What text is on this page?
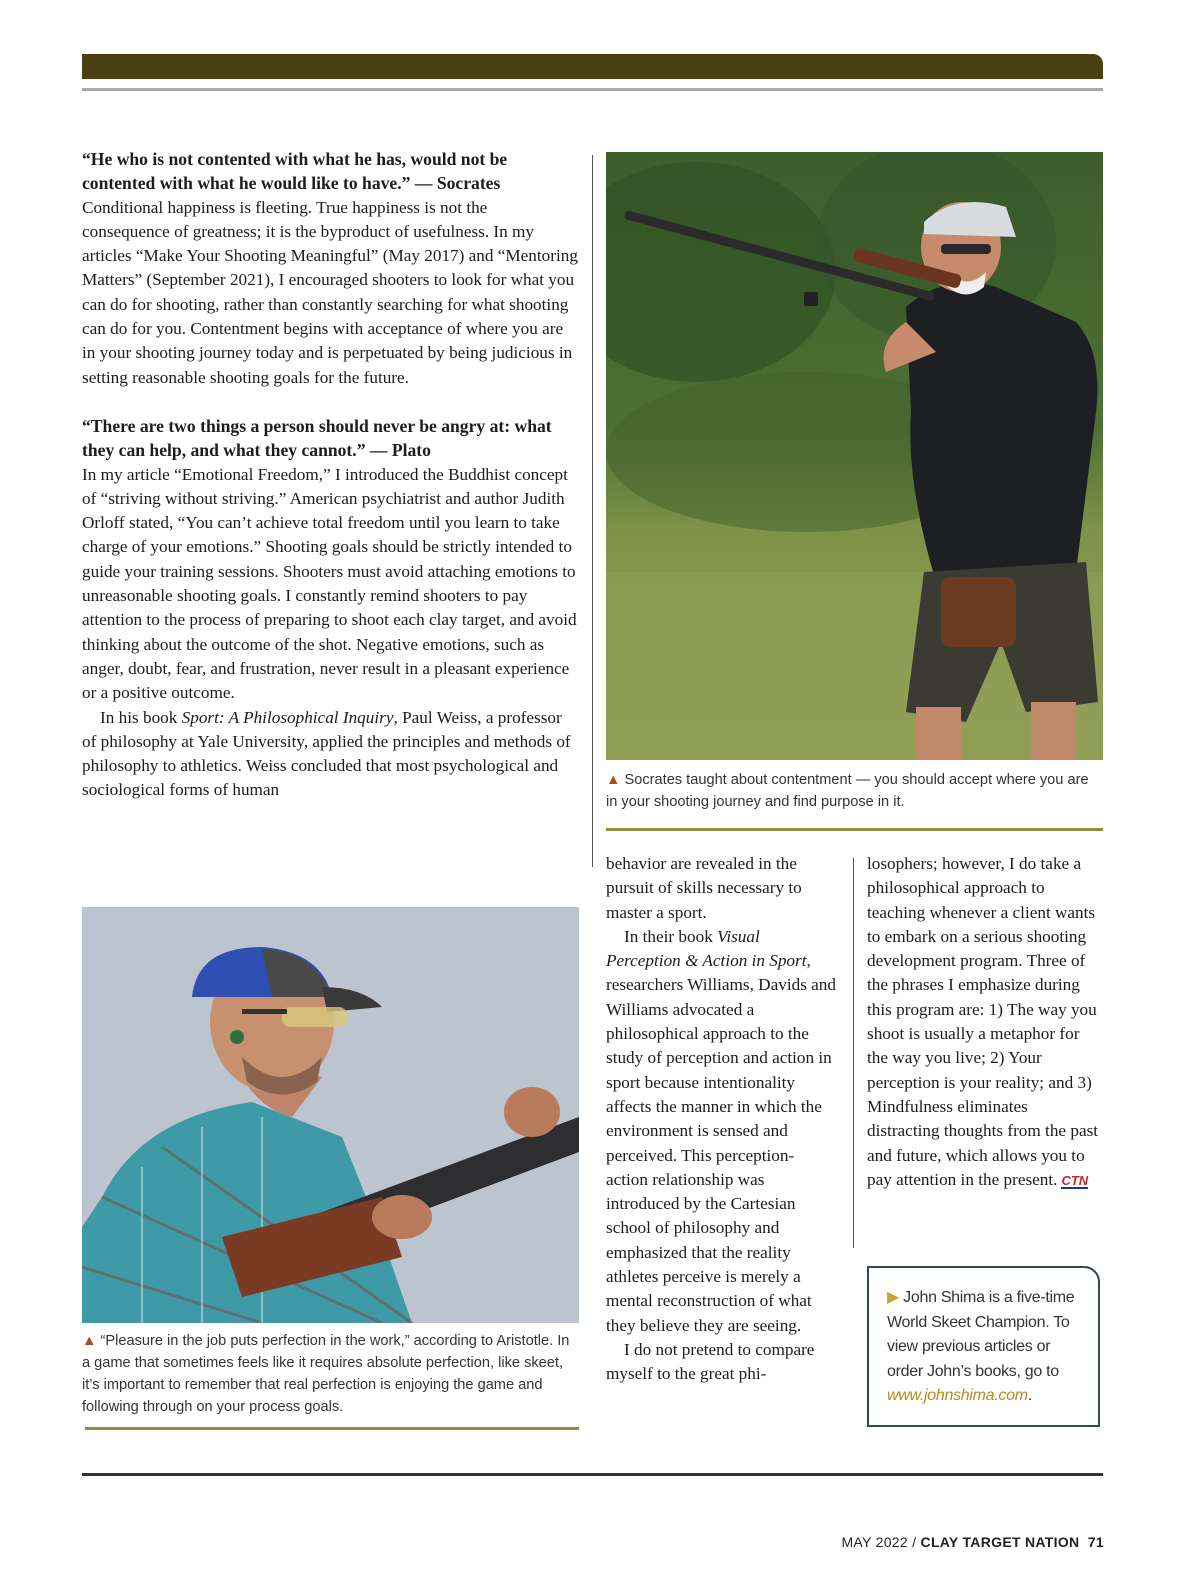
“He who is not contented with what he has, would not be contented with what he would like to have.” — Socrates

Conditional happiness is fleeting. True happiness is not the consequence of greatness; it is the byproduct of usefulness. In my articles “Make Your Shooting Meaningful” (May 2017) and “Mentoring Matters” (September 2021), I encouraged shooters to look for what you can do for shooting, rather than constantly searching for what shooting can do for you. Contentment begins with acceptance of where you are in your shooting journey today and is perpetuated by being judicious in setting reasonable shooting goals for the future.

“There are two things a person should never be angry at: what they can help, and what they cannot.” — Plato

In my article “Emotional Freedom,” I introduced the Buddhist concept of “striving without striving.” American psychiatrist and author Judith Orloff stated, “You can’t achieve total freedom until you learn to take charge of your emotions.” Shooting goals should be strictly intended to guide your training sessions. Shooters must avoid attaching emotions to unreasonable shooting goals. I constantly remind shooters to pay attention to the process of preparing to shoot each clay target, and avoid thinking about the outcome of the shot. Negative emotions, such as anger, doubt, fear, and frustration, never result in a pleasant experience or a positive outcome.

In his book Sport: A Philosophical Inquiry, Paul Weiss, a professor of philosophy at Yale University, applied the principles and methods of philosophy to athletics. Weiss concluded that most psychological and sociological forms of human

▲ Socrates taught about contentment — you should accept where you are in your shooting journey and find purpose in it.

behavior are revealed in the pursuit of skills necessary to master a sport.

In their book Visual Perception & Action in Sport, researchers Williams, Davids and Williams advocated a philosophical approach to the study of perception and action in sport because intentionality affects the manner in which the environment is sensed and perceived. This perception-action relationship was introduced by the Cartesian school of philosophy and emphasized that the reality athletes perceive is merely a mental reconstruction of what they believe they are seeing.

I do not pretend to compare myself to the great phi-

losophers; however, I do take a philosophical approach to teaching whenever a client wants to embark on a serious shooting development program. Three of the phrases I emphasize during this program are: 1) The way you shoot is usually a metaphor for the way you live; 2) Your perception is your reality; and 3) Mindfulness eliminates distracting thoughts from the past and future, which allows you to pay attention in the present. CTN

▶ John Shima is a five-time World Skeet Champion. To view previous articles or order John’s books, go to www.johnshima.com.
▲ “Pleasure in the job puts perfection in the work,” according to Aristotle. In a game that sometimes feels like it requires absolute perfection, like skeet, it’s important to remember that real perfection is enjoying the game and following through on your process goals.
MAY 2022 / CLAY TARGET NATION 71
